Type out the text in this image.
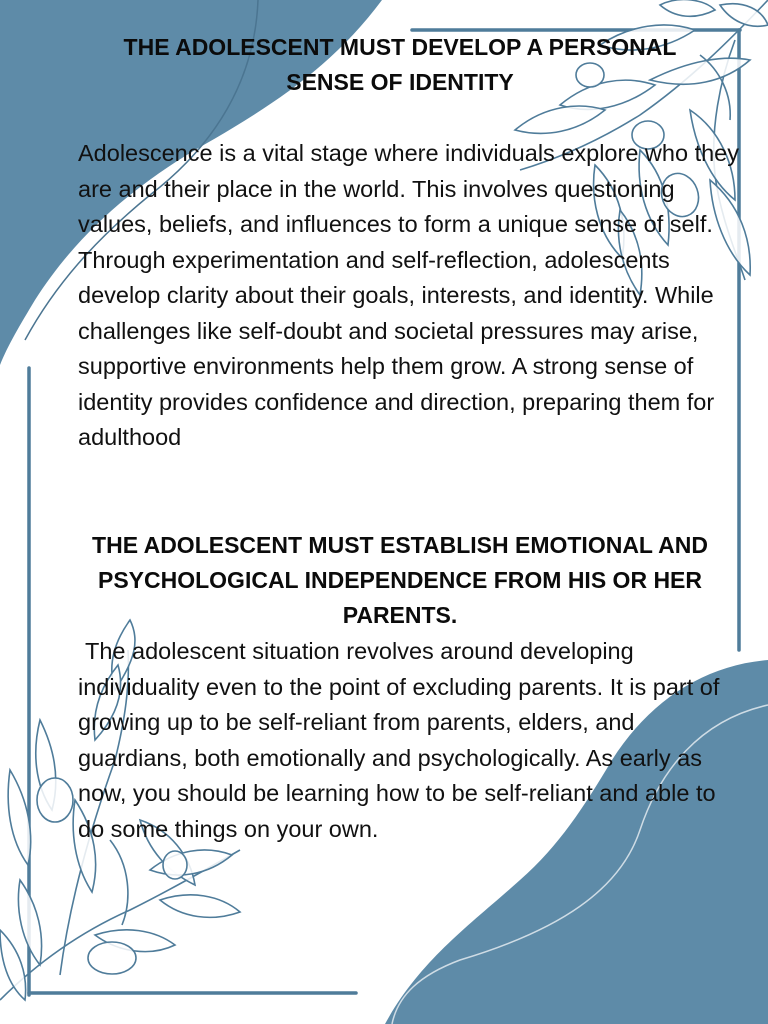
THE ADOLESCENT MUST DEVELOP A PERSONAL SENSE OF IDENTITY

Adolescence is a vital stage where individuals explore who they are and their place in the world. This involves questioning values, beliefs, and influences to form a unique sense of self. Through experimentation and self-reflection, adolescents develop clarity about their goals, interests, and identity. While challenges like self-doubt and societal pressures may arise, supportive environments help them grow. A strong sense of identity provides confidence and direction, preparing them for adulthood

THE ADOLESCENT MUST ESTABLISH EMOTIONAL AND PSYCHOLOGICAL INDEPENDENCE FROM HIS OR HER PARENTS.

The adolescent situation revolves around developing individuality even to the point of excluding parents. It is part of growing up to be self-reliant from parents, elders, and guardians, both emotionally and psychologically. As early as now, you should be learning how to be self-reliant and able to do some things on your own.
